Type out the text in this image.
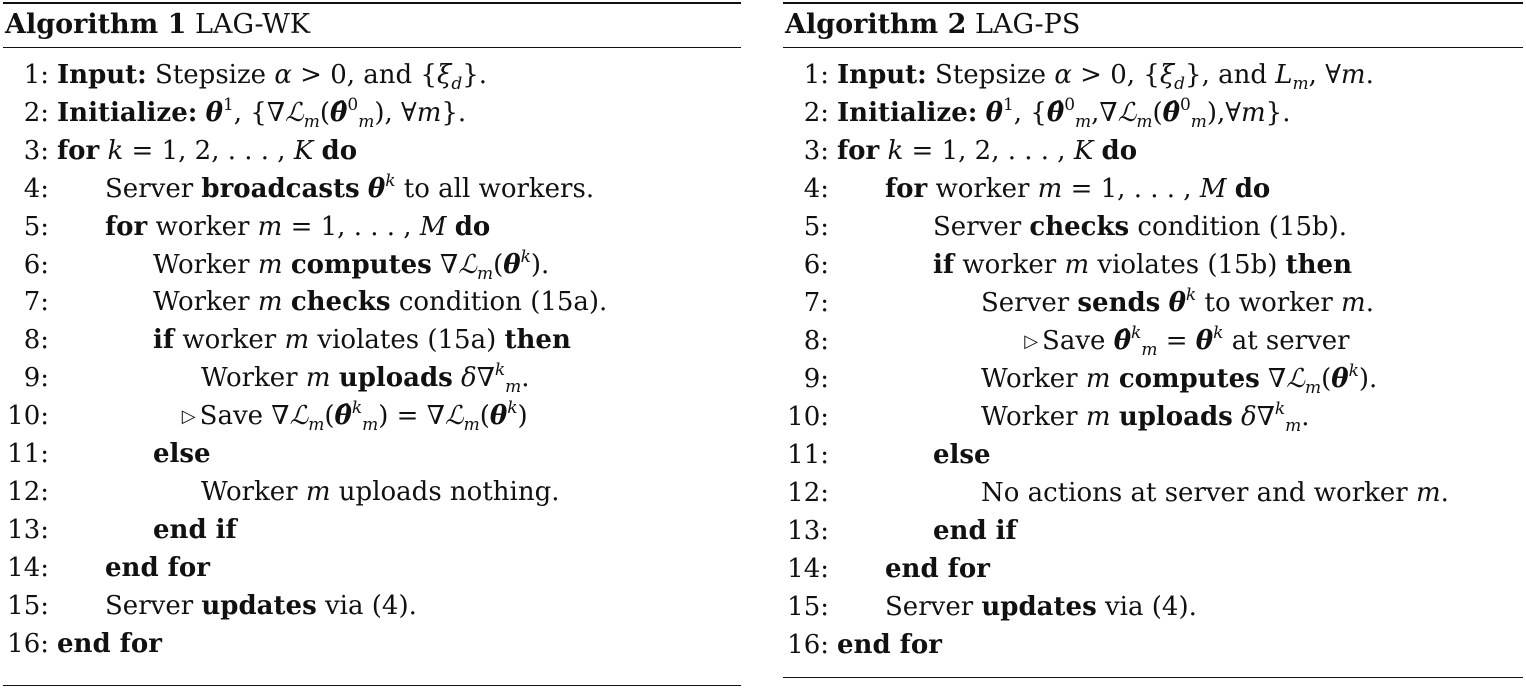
Algorithm 1 LAG-WK
1: Input: Stepsize α > 0, and $\{\xi_d\}$.
2: Initialize: $\theta^1$, {∇ℒ$_m$(θ̂$^0_m$), ∀m}.
3: for k = 1, 2, . . . , K do
4: Server broadcasts $\theta^k$ to all workers.
5: for worker m = 1, . . . , M do
6:	Worker m computes $\nabla ℒ_m(\theta^k)$.
7:	Worker m checks condition (15a).
8:	if worker m violates (15a) then
9:	Worker m uploads δ∇$^k_m$.
10:	▷ Save ∇ℒ$_m$(θ̂$^k_m$) = $\nabla ℒ_m(\theta^k)$
11:	else
12:	Worker m uploads nothing.
13:	end if
14: end for
15: Server updates via (4).
16: end for
Algorithm 2 LAG-PS
1: Input: Stepsize α > 0, $\{\xi_d\}$, and $L_m$, ∀m.
2: Initialize: $\theta^1$, {θ̂$^0_m$,∇ℒ$_m$(θ̂$^0_m$),∀m}.
3: for k = 1, 2, . . . , K do
4: for worker m = 1, . . . , M do
5:	Server checks condition (15b).
6:	if worker m violates (15b) then
7:	Server sends $\theta^k$ to worker m.
8:	▷ Save θ̂$^k_m$ = $\theta^k$ at server
9:	Worker m computes $\nabla ℒ_m(\theta^k)$.
10:	Worker m uploads δ∇$^k_m$.
11:	else
12:	No actions at server and worker m.
13:	end if
14: end for
15: Server updates via (4).
16: end for
